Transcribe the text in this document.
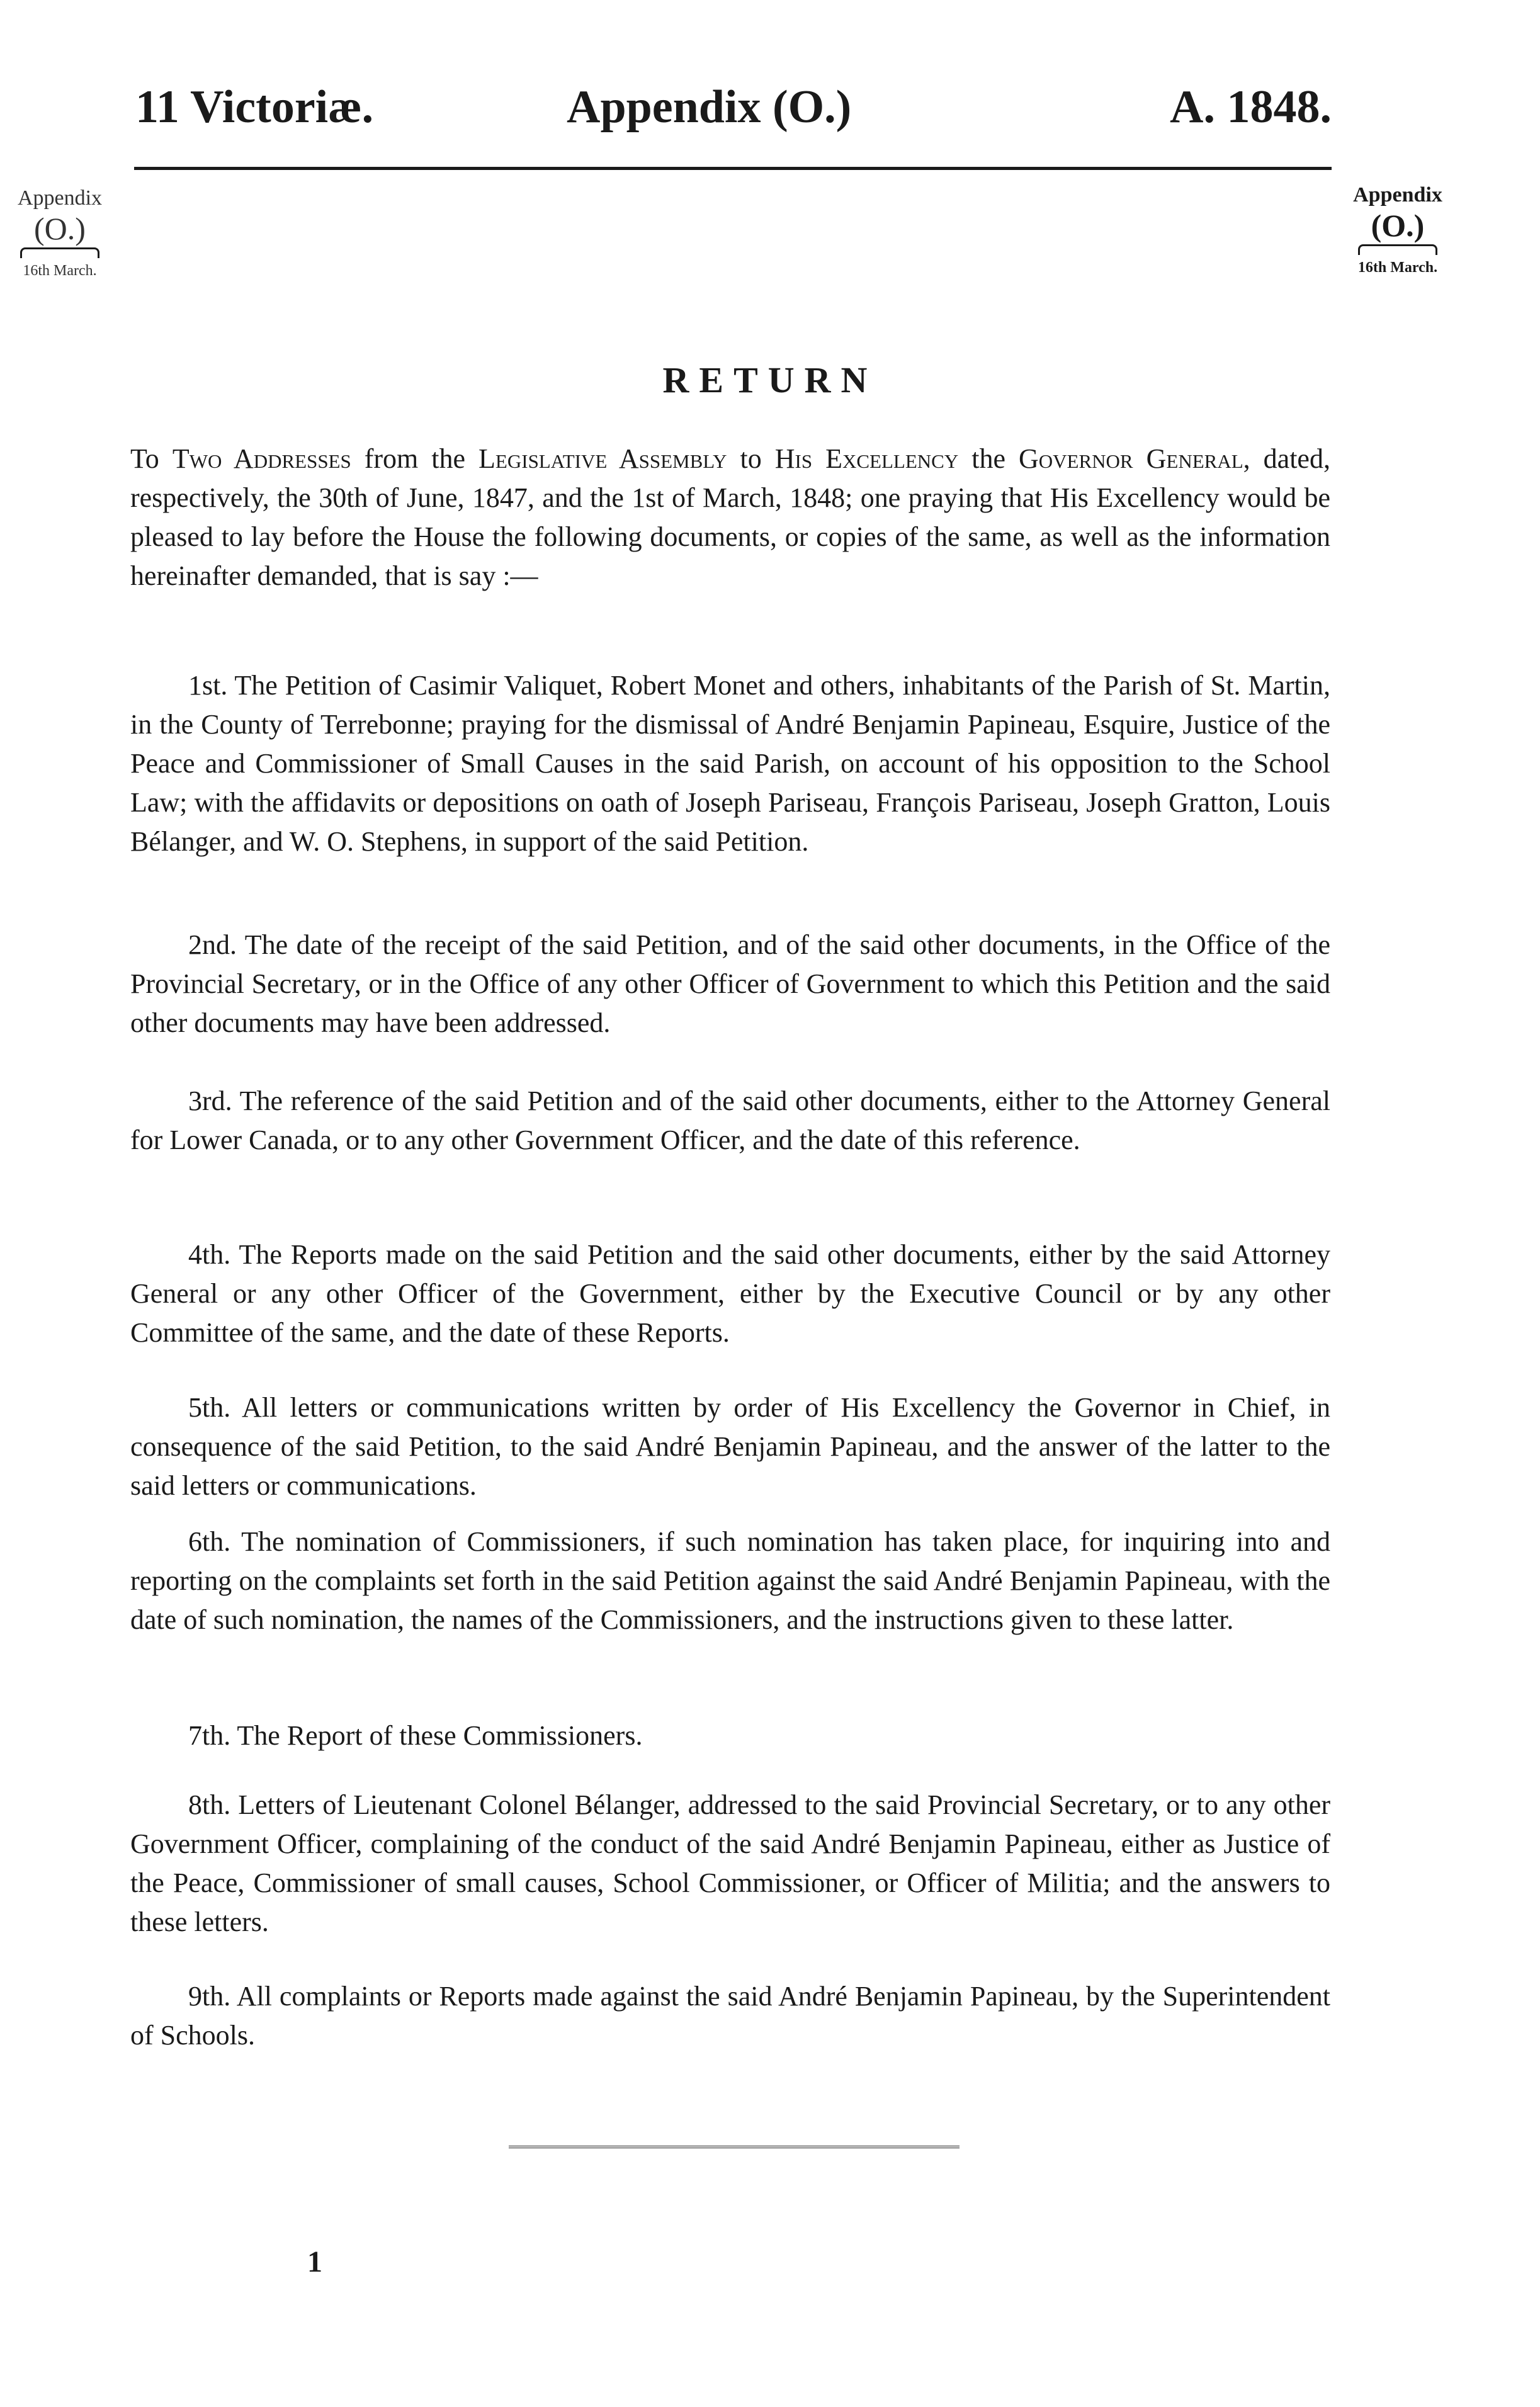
11 Victoriæ.	Appendix (O.)	A. 1848.
Appendix
(O.)
16th March.
Appendix
(O.)
16th March.
RETURN
To Two Addresses from the Legislative Assembly to His Excellency the Governor General, dated, respectively, the 30th of June, 1847, and the 1st of March, 1848; one praying that His Excellency would be pleased to lay before the House the following documents, or copies of the same, as well as the information hereinafter demanded, that is say :—
1st. The Petition of Casimir Valiquet, Robert Monet and others, inhabitants of the Parish of St. Martin, in the County of Terrebonne; praying for the dismissal of André Benjamin Papineau, Esquire, Justice of the Peace and Commissioner of Small Causes in the said Parish, on account of his opposition to the School Law; with the affidavits or depositions on oath of Joseph Pariseau, François Pariseau, Joseph Gratton, Louis Bélanger, and W. O. Stephens, in support of the said Petition.
2nd. The date of the receipt of the said Petition, and of the said other documents, in the Office of the Provincial Secretary, or in the Office of any other Officer of Government to which this Petition and the said other documents may have been addressed.
3rd. The reference of the said Petition and of the said other documents, either to the Attorney General for Lower Canada, or to any other Government Officer, and the date of this reference.
4th. The Reports made on the said Petition and the said other documents, either by the said Attorney General or any other Officer of the Government, either by the Executive Council or by any other Committee of the same, and the date of these Reports.
5th. All letters or communications written by order of His Excellency the Governor in Chief, in consequence of the said Petition, to the said André Benjamin Papineau, and the answer of the latter to the said letters or communications.
6th. The nomination of Commissioners, if such nomination has taken place, for inquiring into and reporting on the complaints set forth in the said Petition against the said André Benjamin Papineau, with the date of such nomination, the names of the Commissioners, and the instructions given to these latter.
7th. The Report of these Commissioners.
8th. Letters of Lieutenant Colonel Bélanger, addressed to the said Provincial Secretary, or to any other Government Officer, complaining of the conduct of the said André Benjamin Papineau, either as Justice of the Peace, Commissioner of small causes, School Commissioner, or Officer of Militia; and the answers to these letters.
9th. All complaints or Reports made against the said André Benjamin Papineau, by the Superintendent of Schools.
1
